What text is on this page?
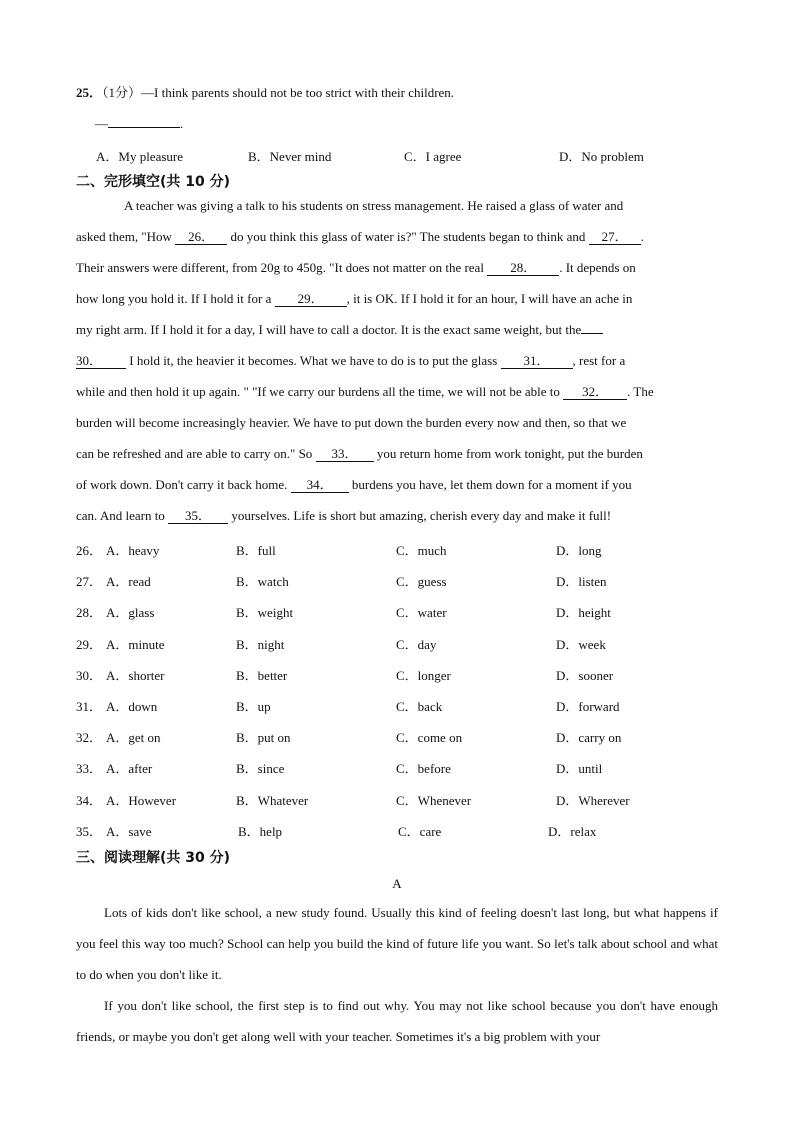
25．（1分）—I think parents should not be too strict with their children.
—	.
A．My pleasure	B．Never mind	C．I agree	D．No problem
二、完形填空(共 10 分)

A teacher was giving a talk to his students on stress management. He raised a glass of water and

asked them, "How 26． do you think this glass of water is?" The students began to think and 27． .

Their answers were different, from 20g to 450g. "It does not matter on the real 28． . It depends on

how long you hold it. If I hold it for a 29． , it is OK. If I hold it for an hour, I will have an ache in

my right arm. If I hold it for a day, I will have to call a doctor. It is the exact same weight, but the

30． I hold it, the heavier it becomes. What we have to do is to put the glass 31． , rest for a

while and then hold it up again. " "If we carry our burdens all the time, we will not be able to 32． . The

burden will become increasingly heavier. We have to put down the burden every now and then, so that we

can be refreshed and are able to carry on." So 33． you return home from work tonight, put the burden

of work down. Don't carry it back home. 34． burdens you have, let them down for a moment if you

can. And learn to 35． yourselves. Life is short but amazing, cherish every day and make it full!

26． A．heavy	B．full	C．much	D．long
27． A．read	B．watch	C．guess	D．listen
28． A．glass	B．weight	C．water	D．height
29． A．minute	B．night	C．day	D．week
30． A．shorter	B．better	C．longer	D．sooner
31． A．down	B．up	C．back	D．forward
32． A．get on	B．put on	C．come on	D．carry on
33． A．after	B．since	C．before	D．until
34． A．However	B．Whatever	C．Whenever	D．Wherever
35． A．save	B．help	C．care	D．relax
三、阅读理解(共 30 分)
A

Lots of kids don't like school, a new study found. Usually this kind of feeling doesn't last long, but what happens if you feel this way too much? School can help you build the kind of future life you want. So let's talk about school and what to do when you don't like it.

If you don't like school, the first step is to find out why. You may not like school because you don't have enough friends, or maybe you don't get along well with your teacher. Sometimes it's a big problem with your
